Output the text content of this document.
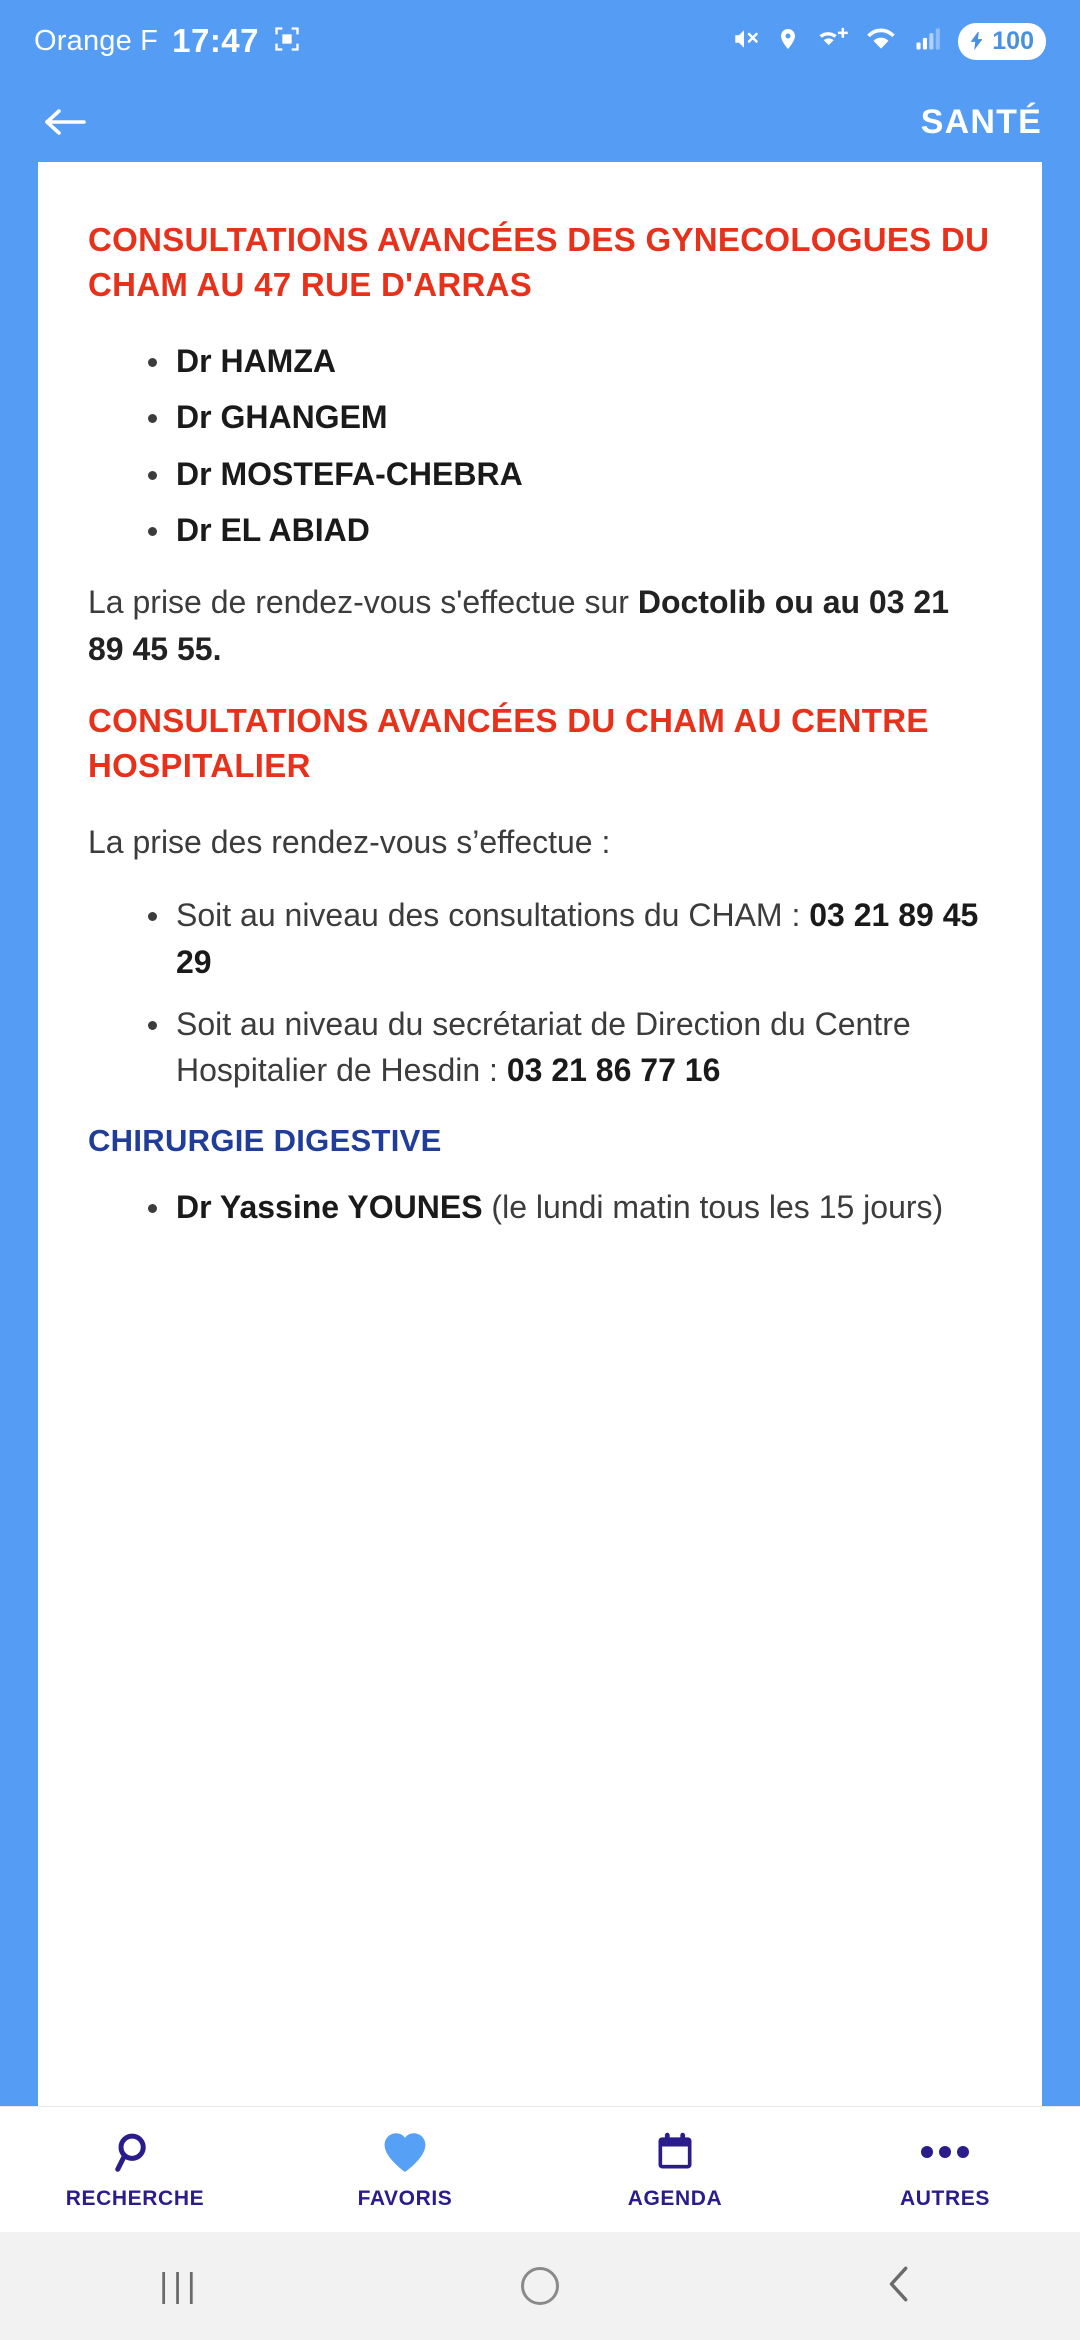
Orange F 17:47	100
SANTÉ
CONSULTATIONS AVANCÉES DES GYNECOLOGUES DU CHAM AU 47 RUE D'ARRAS
Dr HAMZA
Dr GHANGEM
Dr MOSTEFA-CHEBRA
Dr EL ABIAD
La prise de rendez-vous s'effectue sur Doctolib ou au 03 21 89 45 55.
CONSULTATIONS AVANCÉES DU CHAM AU CENTRE HOSPITALIER
La prise des rendez-vous s’effectue :
Soit au niveau des consultations du CHAM : 03 21 89 45 29
Soit au niveau du secrétariat de Direction du Centre Hospitalier de Hesdin : 03 21 86 77 16
CHIRURGIE DIGESTIVE
Dr Yassine YOUNES (le lundi matin tous les 15 jours)
RECHERCHE	FAVORIS	AGENDA	AUTRES
|||
